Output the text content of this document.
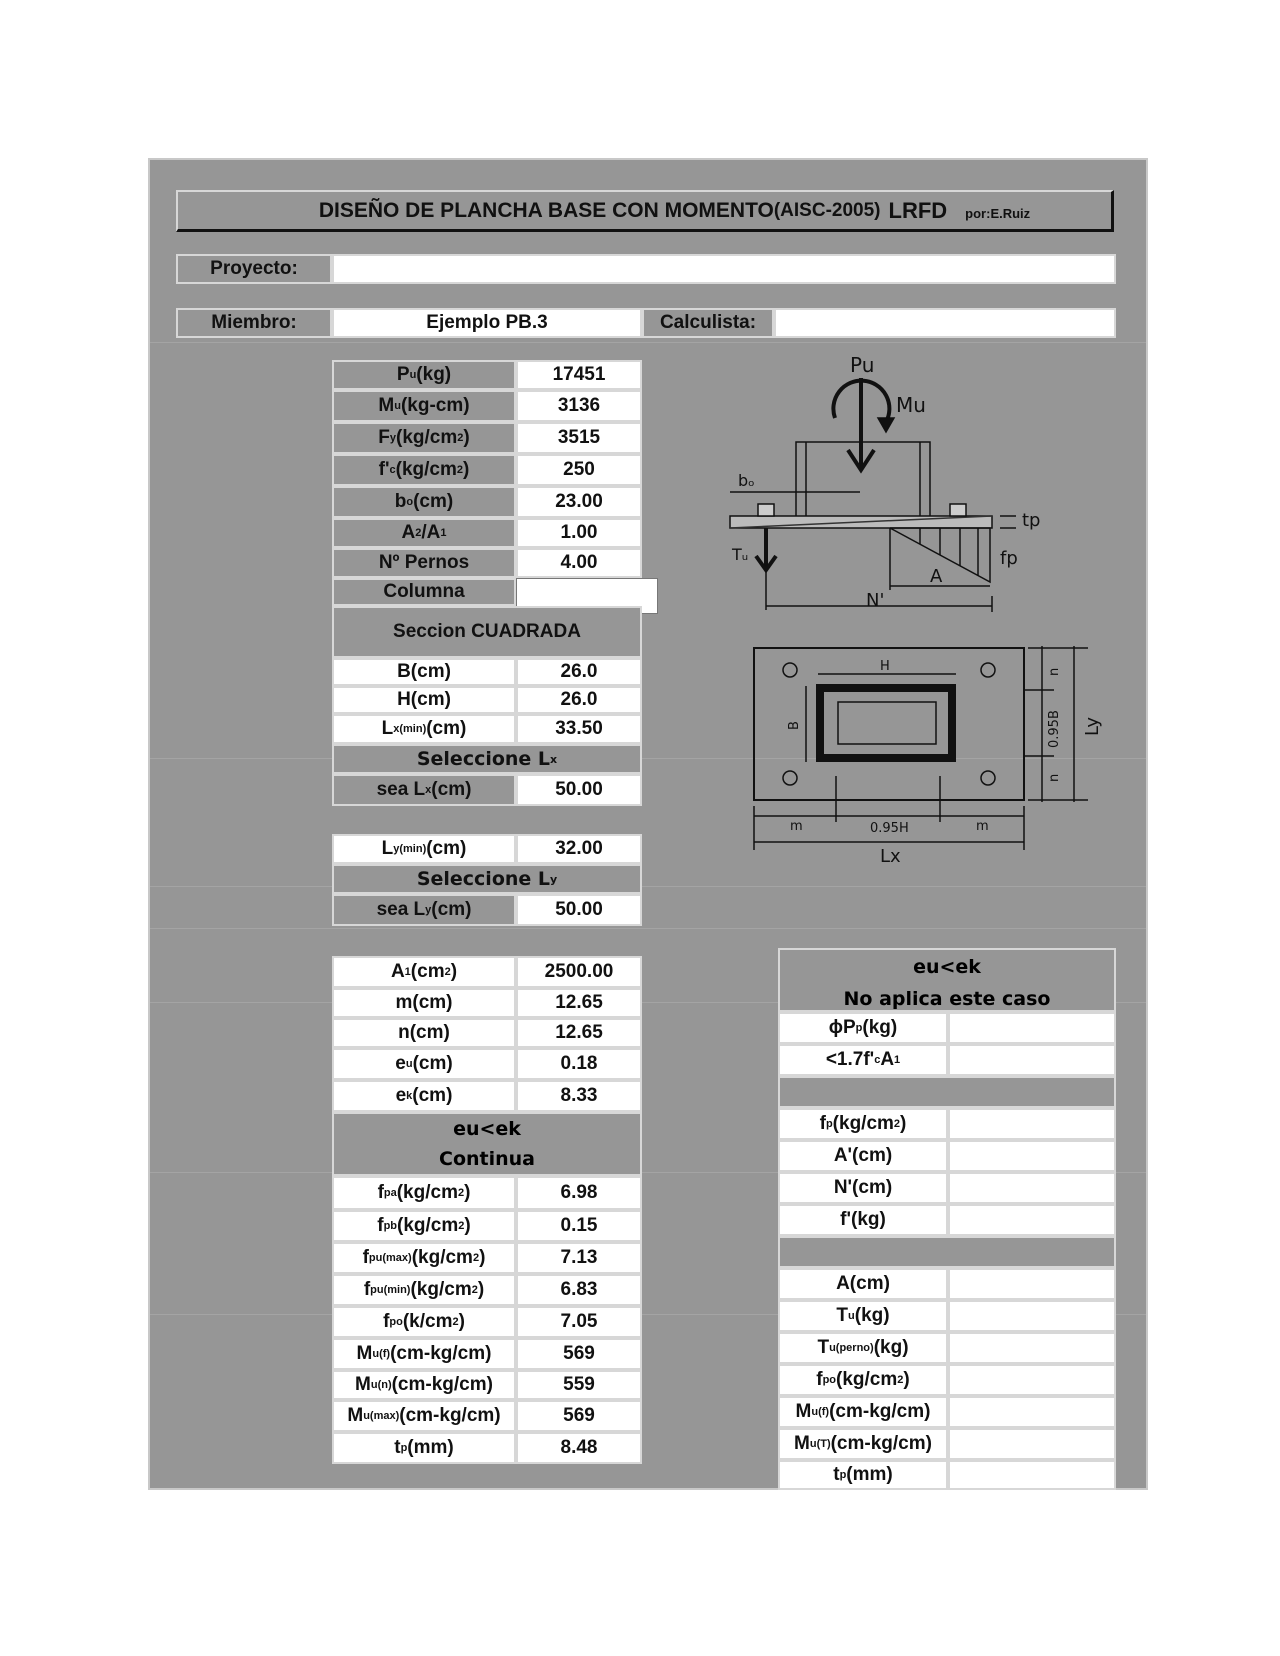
DISEÑO DE PLANCHA BASE CON MOMENTO (AISC-2005) LRFD por:E.Ruiz
Proyecto:
Miembro:	Ejemplo PB.3	Calculista:
P u (kg)	17451
M u (kg-cm)	3136
F y (kg/cm 2 )	3515
f' c (kg/cm 2 )	250
b o (cm)	23.00
A 2 /A 1	1.00
Nº Pernos	4.00
Columna
Seccion CUADRADA
B(cm)	26.0
H(cm)	26.0
L x(min) (cm)	33.50
Seleccione L x
sea L x (cm)	50.00
L y(min) (cm)	32.00
Seleccione L y
sea L y (cm)	50.00
A 1 (cm 2 )	2500.00
m(cm)	12.65
n(cm)	12.65
e u (cm)	0.18
e k (cm)	8.33
eu<ek
Continua
f pa (kg/cm 2 )	6.98
f pb (kg/cm 2 )	0.15
f pu(max) (kg/cm 2 )	7.13
f pu(min) (kg/cm 2 )	6.83
f po (k/cm 2 )	7.05
M u(f) (cm-kg/cm)	569
M u(n) (cm-kg/cm)	559
M u(max) (cm-kg/cm)	569
t p (mm)	8.48
eu<ek
No aplica este caso
ϕP p (kg)
<1.7f' c A 1
f p (kg/cm 2 )
A'(cm)
N'(cm)
f'(kg)
A(cm)
T u (kg)
T u(perno) (kg)
f po (kg/cm 2 )
M u(f) (cm-kg/cm)
M u(T) (cm-kg/cm)
t p (mm)
Pu
Mu
bₒ
tp
Tᵤ	fp
A
N'
H
B
n
0.95B
n
Ly
m	0.95H	m
Lx
